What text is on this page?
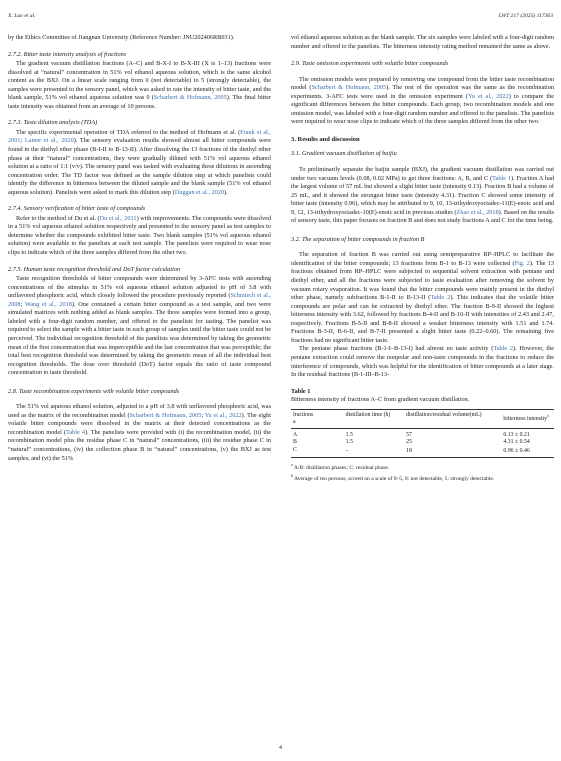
X. Luo et al.	LWT 217 (2025) 117363

by the Ethics Committee of Jiangnan University (Reference Number: JNU202406RB031).

2.7.2. Bitter taste intensity analysis of fractions

The gradient vacuum distillation fractions (A–C) and B-X-I to B-X-III (X is 1–13) fractions were dissolved at “natural” concentration in 51% vol ethanol aqueous solution, which is the same alcohol content as the BXJ. On a linear scale ranging from 0 (not detectable) to 5 (strongly detectable), the samples were presented to the sensory panel, which was asked to rate the intensity of bitter taste, and the blank sample, 51% vol ethanol aqueous solution was 0 (Scharbert & Hofmann, 2005). The final bitter taste intensity was obtained from an average of 10 persons.

2.7.3. Taste dilution analysis (TDA)

The specific experimental operation of TDA referred to the method of Hofmann et al. (Frank et al., 2001; Lainer et al., 2020). The sensory evaluation results showed almost all bitter compounds were found in the diethyl ether phase (B-I-II to B-13-II). After dissolving the 13 fractions of the diethyl ether phase at their “natural” concentrations, they were gradually diluted with 51% vol aqueous ethanol solution at a ratio of 1:1 (v/v). The sensory panel was tasked with evaluating these dilutions in ascending concentration order. The TD factor was defined as the sample dilution step at which panelists could identify the difference in bitterness between the diluted sample and the blank sample (51% vol ethanol aqueous solution). Panelists were asked to mark this dilution step (Duggan et al., 2020).

2.7.4. Sensory verification of bitter taste of compounds

Refer to the method of Du et al. (Du et al., 2011) with improvements. The compounds were dissolved in a 51% vol aqueous ethanol solution respectively and presented to the sensory panel as test samples to determine whether the compounds exhibited bitter taste. Two blank samples (51% vol aqueous ethanol solution) were available to the panelists at each test sample. The panelists were required to wear nose clips to indicate which of the three samples differed from the other two.

2.7.5. Human taste recognition threshold and DoT factor calculation

Taste recognition thresholds of bitter compounds were determined by 3-AFC tests with ascending concentrations of the stimulus in 51% vol aqueous ethanol solution adjusted to pH of 3.8 with unflavored phosphoric acid, which closely followed the procedure previously reported (Schmiech et al., 2008; Wang et al., 2018). One contained a certain bitter compound as a test sample, and two were simulated matrices with nothing added as blank samples. The three samples were formed into a group, labeled with a four-digit random number, and offered to the panelists for tasting. The panelist was required to select the sample with a bitter taste in each group of samples until the bitter taste could not be perceived. The individual recognition threshold of the panelists was determined by taking the geometric mean of the first concentration that was imperceptible and the last concentration that was perceptible; the total best recognition threshold was determined by taking the geometric mean of all the individual best recognition thresholds. The dose over threshold (DoT) factor equals the ratio of taste compound concentration to taste threshold.

2.8. Taste recombination experiments with volatile bitter compounds

The 51% vol aqueous ethanol solution, adjusted to a pH of 3.8 with unflavored phosphoric acid, was used as the matrix of the recombination model (Scharbert & Hofmann, 2005; Yu et al., 2022). The eight volatile bitter compounds were dissolved in the matrix at their detected concentrations as the recombination model (Table 4). The panelists were provided with (i) the recombination model, (ii) the recombination model plus the residue phase C in “natural” concentrations, (iii) the residue phase C in “natural” concentrations, (iv) the collection phase B in “natural” concentrations, (v) the BXJ as test samples, and (vi) the 51%

vol ethanol aqueous solution as the blank sample. The six samples were labeled with a four-digit random number and offered to the panelists. The bitterness intensity rating method remained the same as above.

2.9. Taste omission experiments with volatile bitter compounds

The omission models were prepared by removing one compound from the bitter taste recombination model (Scharbert & Hofmann, 2005). The rest of the operation was the same as the recombination experiments. 3-AFC tests were used in the omission experiment (Yu et al., 2022) to compare the significant differences between the bitter compounds. Each group, two recombination models and one omission model, was labeled with a four-digit random number and offered to the panelists. The panelists were required to wear nose clips to indicate which of the three samples differed from the other two.

3. Results and discussion
3.1. Gradient vacuum distillation of baijiu

To preliminarily separate the baijiu sample (BXJ), the gradient vacuum distillation was carried out under two vacuum levels (0.08, 0.02 MPa) to get three fractions: A, B, and C (Table 1). Fraction A had the largest volume of 57 mL but showed a slight bitter taste (intensity 0.13). Fraction B had a volume of 25 mL, and it showed the strongest bitter taste (intensity 4.31). Fraction C showed some intensity of bitter taste (intensity 0.96), which may be attributed to 9, 10, 13-trihydroxyoctadec-11(E)-enoic acid and 9, 12, 13-trihydroxyoctadec-10(E)-enoic acid in previous studies (Zhao et al., 2018). Based on the results of sensory taste, this paper focuses on fraction B and does not study fractions A and C for the time being.

3.2. The separation of bitter compounds in fraction B

The separation of fraction B was carried out using semipreparative RP–HPLC to facilitate the identification of the bitter compounds; 13 fractions from B-1 to B-13 were collected (Fig. 2). The 13 fractions obtained from RP–HPLC were subjected to sequential solvent extraction with pentane and diethyl ether, and all the fractions were subjected to taste evaluation after removing the solvent by vacuum rotary evaporation. It was found that the bitter compounds were mainly present in the diethyl ether phase, namely subfractions B-1-II to B-13-II (Table 2). This indicates that the volatile bitter compounds are polar and can be extracted by diethyl ether. The fraction B-9-II showed the highest bitterness intensity with 3.62, followed by fractions B-4-II and B-10-II with intensities of 2.43 and 2.47, respectively. Fractions B-5-II and B-8-II showed a weaker bitterness intensity with 1.51 and 1.74. Fractions B-3-II, B-6-II, and B-7-II presented a slight bitter taste (0.22–0.60). The remaining five fractions had no significant bitter taste.

The pentane phase fractions (B-1-I–B-13-I) had almost no taste activity (Table 2). However, the pentane extraction could remove the nonpolar and non-taste compounds in the fractions to reduce the interference of compounds, which was helpful for the identification of bitter compounds at a later stage. In the residual fractions (B-1-III–B-13-

Table 1
Bitterness intensity of fractions A–C from gradient vacuum distillation.
fractions
a	distillation time (h)	distillation/residual volume(mL)	bitterness intensity$^b$
A	1.5	57	0.13 ± 0.21
B	1.5	25	4.31 ± 0.54
C	–	18	0.96 ± 0.46
$^a$ A/B: distillation phases; C: residual phase.
$^b$ Average of ten persons, scored on a scale of 0–5, 0: not detectable, 5: strongly detectable.
4
